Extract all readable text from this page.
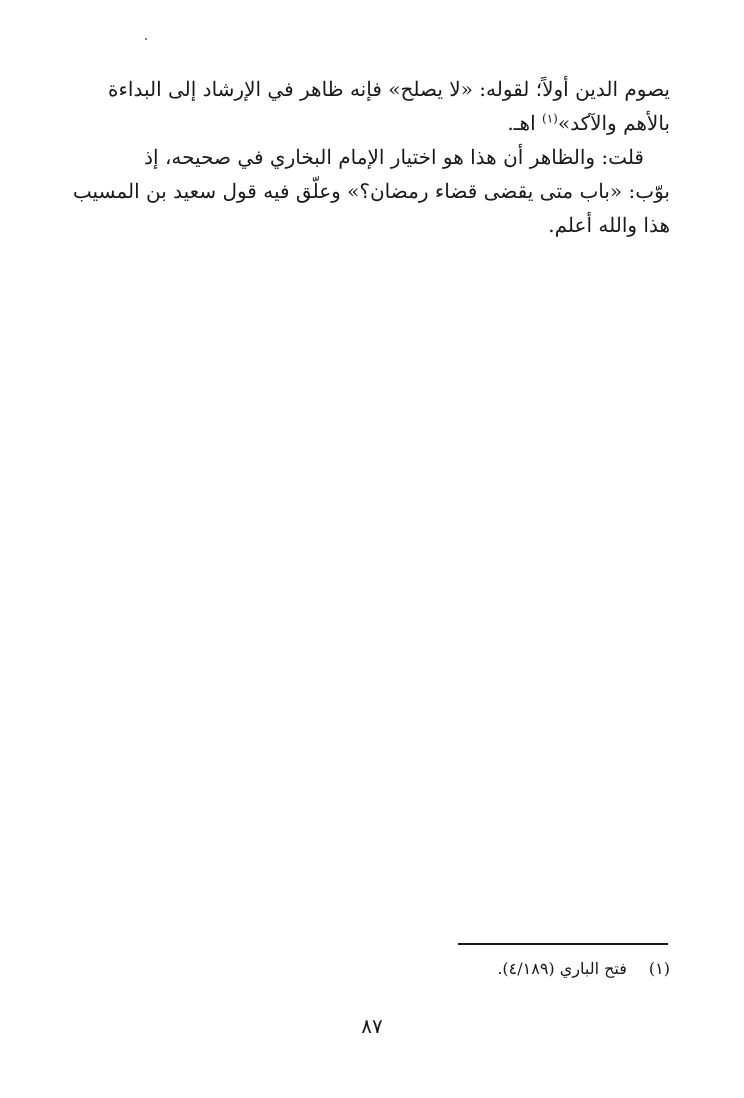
يصوم الدين أولاً؛ لقوله: «لا يصلح» فإنه ظاهر في الإرشاد إلى البداءة
بالأهم والآكد»$^{(١)}$ اهـ.
قلت: والظاهر أن هذا هو اختيار الإمام البخاري في صحيحه، إذ
بوّب: «باب متى يقضى قضاء رمضان؟» وعلّق فيه قول سعيد بن المسيب
هذا والله أعلم.
(١)فتح الباري (٤/١٨٩).
٨٧
